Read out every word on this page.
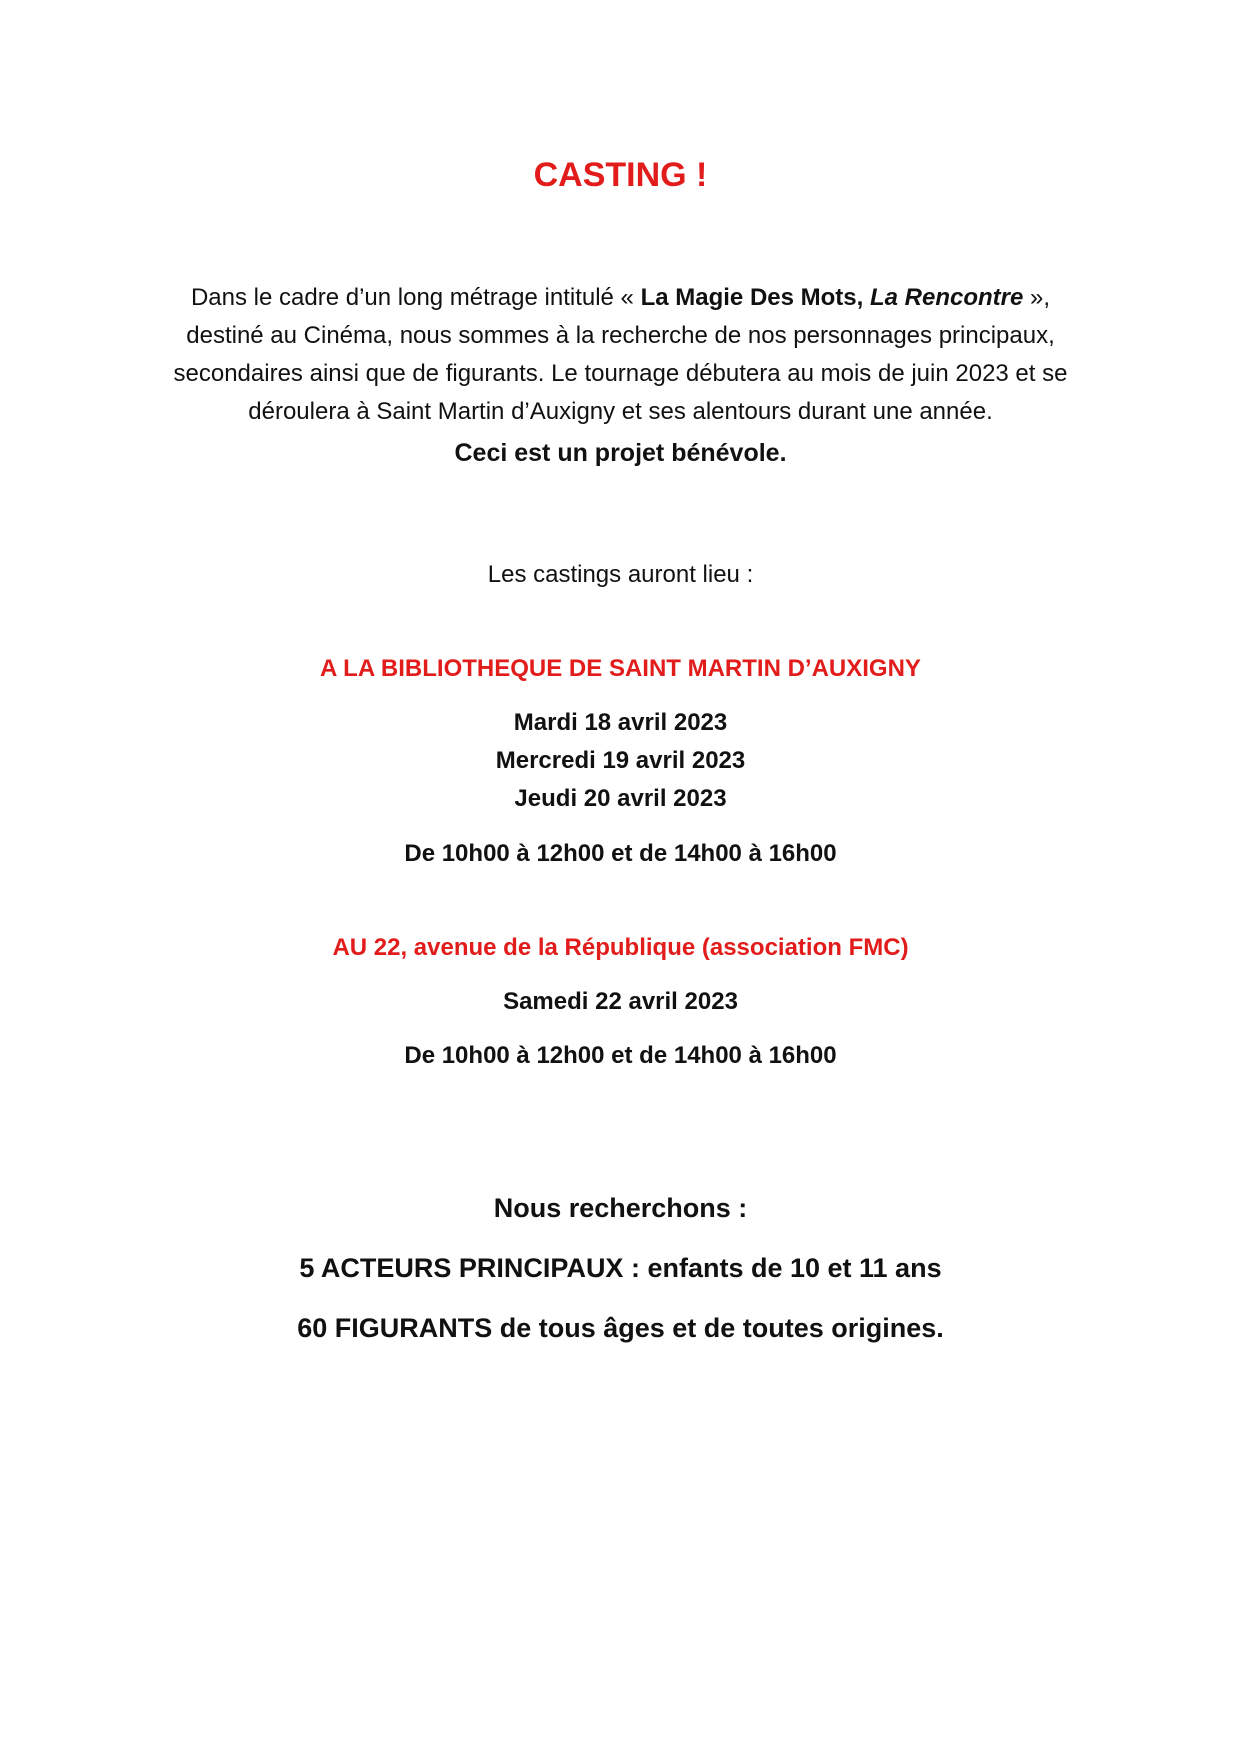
CASTING !
Dans le cadre d’un long métrage intitulé « La Magie Des Mots, La Rencontre »,
destiné au Cinéma, nous sommes à la recherche de nos personnages principaux,
secondaires ainsi que de figurants. Le tournage débutera au mois de juin 2023 et se
déroulera à Saint Martin d’Auxigny et ses alentours durant une année.
Ceci est un projet bénévole.
Les castings auront lieu :
A LA BIBLIOTHEQUE DE SAINT MARTIN D’AUXIGNY
Mardi 18 avril 2023
Mercredi 19 avril 2023
Jeudi 20 avril 2023
De 10h00 à 12h00 et de 14h00 à 16h00
AU 22, avenue de la République (association FMC)
Samedi 22 avril 2023
De 10h00 à 12h00 et de 14h00 à 16h00
Nous recherchons :
5 ACTEURS PRINCIPAUX : enfants de 10 et 11 ans
60 FIGURANTS de tous âges et de toutes origines.
